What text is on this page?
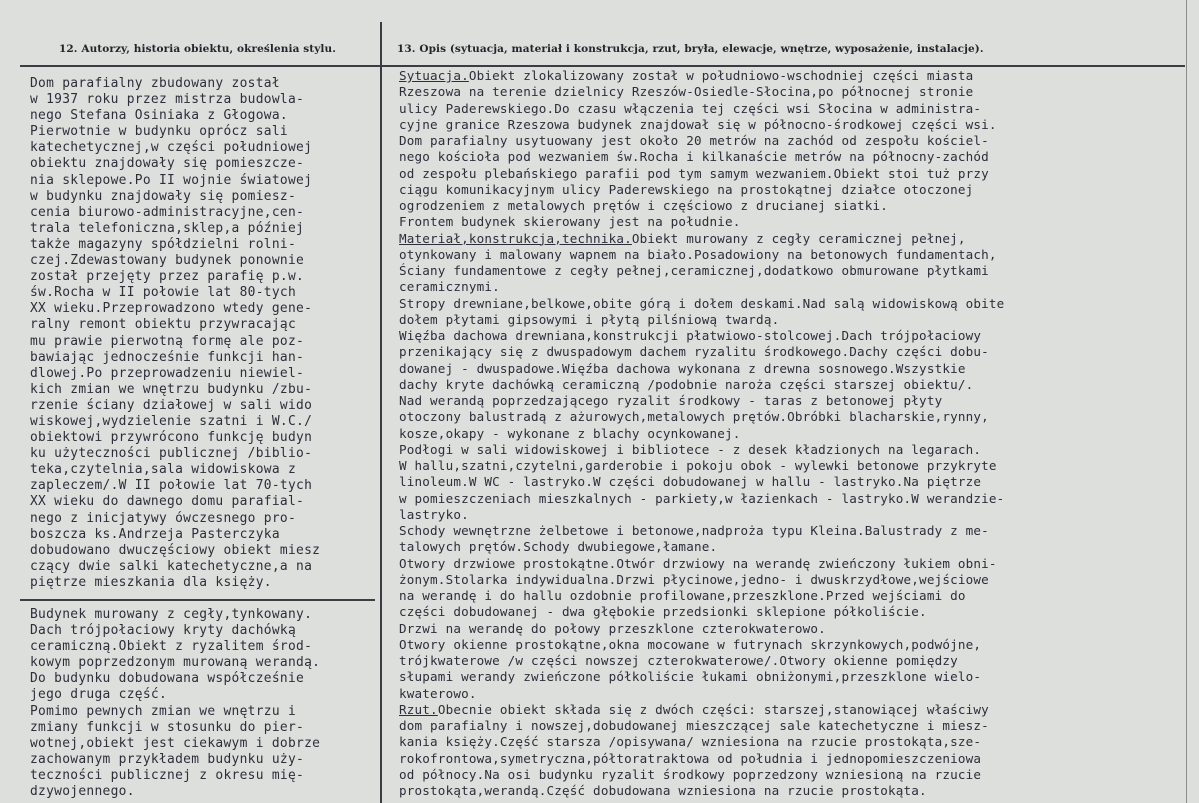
12. Autorzy, historia obiektu, określenia stylu.	13. Opis (sytuacja, materiał i konstrukcja, rzut, bryła, elewacje, wnętrze, wyposażenie, instalacje).
Dom parafialny zbudowany został
w 1937 roku przez mistrza budowla-
nego Stefana Osiniaka z Głogowa.
Pierwotnie w budynku oprócz sali
katechetycznej,w części południowej
obiektu znajdowały się pomieszcze-
nia sklepowe.Po II wojnie światowej
w budynku znajdowały się pomiesz-
cenia biurowo-administracyjne,cen-
trala telefoniczna,sklep,a później
także magazyny spółdzielni rolni-
czej.Zdewastowany budynek ponownie
został przejęty przez parafię p.w.
św.Rocha w II połowie lat 80-tych
XX wieku.Przeprowadzono wtedy gene-
ralny remont obiektu przywracając
mu prawie pierwotną formę ale poz-
bawiając jednocześnie funkcji han-
dlowej.Po przeprowadzeniu niewiel-
kich zmian we wnętrzu budynku /zbu-
rzenie ściany działowej w sali wido
wiskowej,wydzielenie szatni i W.C./
obiektowi przywrócono funkcję budyn
ku użyteczności publicznej /biblio-
teka,czytelnia,sala widowiskowa z
zapleczem/.W II połowie lat 70-tych
XX wieku do dawnego domu parafial-
nego z inicjatywy ówczesnego pro-
boszcza ks.Andrzeja Pasterczyka
dobudowano dwuczęściowy obiekt miesz
czący dwie salki katechetyczne,a na
piętrze mieszkania dla księży.
Budynek murowany z cegły,tynkowany.
Dach trójpołaciowy kryty dachówką
ceramiczną.Obiekt z ryzalitem środ-
kowym poprzedzonym murowaną werandą.
Do budynku dobudowana współcześnie
jego druga część.
Pomimo pewnych zmian we wnętrzu i
zmiany funkcji w stosunku do pier-
wotnej,obiekt jest ciekawym i dobrze
zachowanym przykładem budynku uży-
teczności publicznej z okresu mię-
dzywojennego.
Sytuacja.Obiekt zlokalizowany został w południowo-wschodniej części miasta
Rzeszowa na terenie dzielnicy Rzeszów-Osiedle-Słocina,po północnej stronie
ulicy Paderewskiego.Do czasu włączenia tej części wsi Słocina w administra-
cyjne granice Rzeszowa budynek znajdował się w północno-środkowej części wsi.
Dom parafialny usytuowany jest około 20 metrów na zachód od zespołu kościel-
nego kościoła pod wezwaniem św.Rocha i kilkanaście metrów na północny-zachód
od zespołu plebańskiego parafii pod tym samym wezwaniem.Obiekt stoi tuż przy
ciągu komunikacyjnym ulicy Paderewskiego na prostokątnej działce otoczonej
ogrodzeniem z metalowych prętów i częściowo z drucianej siatki.
Frontem budynek skierowany jest na południe.
Materiał,konstrukcja,technika.Obiekt murowany z cegły ceramicznej pełnej,
otynkowany i malowany wapnem na biało.Posadowiony na betonowych fundamentach,
Ściany fundamentowe z cegły pełnej,ceramicznej,dodatkowo obmurowane płytkami
ceramicznymi.
Stropy drewniane,belkowe,obite górą i dołem deskami.Nad salą widowiskową obite
dołem płytami gipsowymi i płytą pilśniową twardą.
Więźba dachowa drewniana,konstrukcji płatwiowo-stolcowej.Dach trójpołaciowy
przenikający się z dwuspadowym dachem ryzalitu środkowego.Dachy części dobu-
dowanej - dwuspadowe.Więźba dachowa wykonana z drewna sosnowego.Wszystkie
dachy kryte dachówką ceramiczną /podobnie naroża części starszej obiektu/.
Nad werandą poprzedzającego ryzalit środkowy - taras z betonowej płyty
otoczony balustradą z ażurowych,metalowych prętów.Obróbki blacharskie,rynny,
kosze,okapy - wykonane z blachy ocynkowanej.
Podłogi w sali widowiskowej i bibliotece - z desek kładzionych na legarach.
W hallu,szatni,czytelni,garderobie i pokoju obok - wylewki betonowe przykryte
linoleum.W WC - lastryko.W części dobudowanej w hallu - lastryko.Na piętrze
w pomieszczeniach mieszkalnych - parkiety,w łazienkach - lastryko.W werandzie-
lastryko.
Schody wewnętrzne żelbetowe i betonowe,nadproża typu Kleina.Balustrady z me-
talowych prętów.Schody dwubiegowe,łamane.
Otwory drzwiowe prostokątne.Otwór drzwiowy na werandę zwieńczony łukiem obni-
żonym.Stolarka indywidualna.Drzwi płycinowe,jedno- i dwuskrzydłowe,wejściowe
na werandę i do hallu ozdobnie profilowane,przeszklone.Przed wejściami do
części dobudowanej - dwa głębokie przedsionki sklepione półkoliście.
Drzwi na werandę do połowy przeszklone czterokwaterowo.
Otwory okienne prostokątne,okna mocowane w futrynach skrzynkowych,podwójne,
trójkwaterowe /w części nowszej czterokwaterowe/.Otwory okienne pomiędzy
słupami werandy zwieńczone półkoliście łukami obniżonymi,przeszklone wielo-
kwaterowo.
Rzut.Obecnie obiekt składa się z dwóch części: starszej,stanowiącej właściwy
dom parafialny i nowszej,dobudowanej mieszczącej sale katechetyczne i miesz-
kania księży.Część starsza /opisywana/ wzniesiona na rzucie prostokąta,sze-
rokofrontowa,symetryczna,półtoratraktowa od południa i jednopomieszczeniowa
od północy.Na osi budynku ryzalit środkowy poprzedzony wzniesioną na rzucie
prostokąta,werandą.Część dobudowana wzniesiona na rzucie prostokąta.
